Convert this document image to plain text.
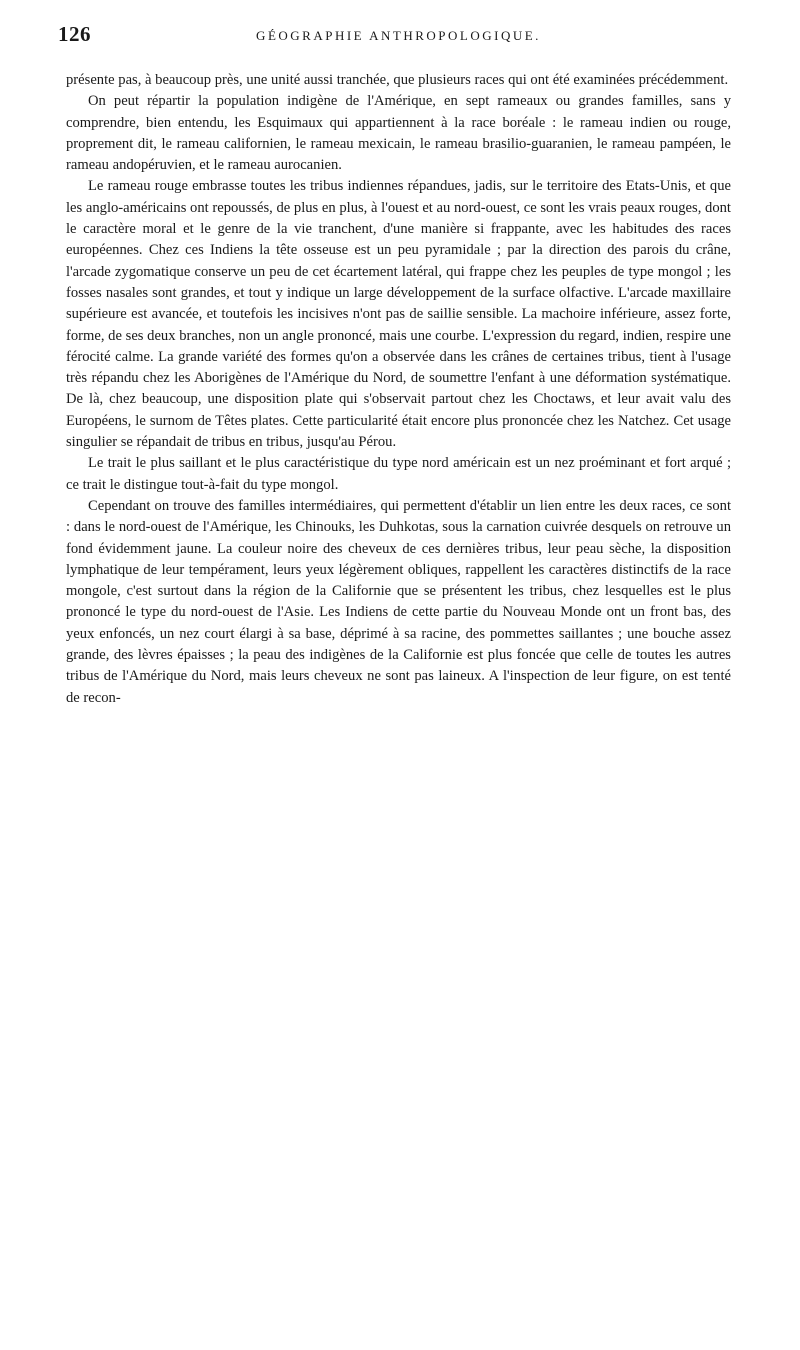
126	GÉOGRAPHIE ANTHROPOLOGIQUE.

présente pas, à beaucoup près, une unité aussi tranchée, que plusieurs races qui ont été examinées précédemment.

On peut répartir la population indigène de l'Amérique, en sept rameaux ou grandes familles, sans y comprendre, bien entendu, les Esquimaux qui appartiennent à la race boréale : le rameau indien ou rouge, proprement dit, le rameau californien, le rameau mexicain, le rameau brasilio-guaranien, le rameau pampéen, le rameau andopéruvien, et le rameau aurocanien.

Le rameau rouge embrasse toutes les tribus indiennes répandues, jadis, sur le territoire des Etats-Unis, et que les anglo-américains ont repoussés, de plus en plus, à l'ouest et au nord-ouest, ce sont les vrais peaux rouges, dont le caractère moral et le genre de la vie tranchent, d'une manière si frappante, avec les habitudes des races européennes. Chez ces Indiens la tête osseuse est un peu pyramidale ; par la direction des parois du crâne, l'arcade zygomatique conserve un peu de cet écartement latéral, qui frappe chez les peuples de type mongol ; les fosses nasales sont grandes, et tout y indique un large développement de la surface olfactive. L'arcade maxillaire supérieure est avancée, et toutefois les incisives n'ont pas de saillie sensible. La machoire inférieure, assez forte, forme, de ses deux branches, non un angle prononcé, mais une courbe. L'expression du regard, indien, respire une férocité calme. La grande variété des formes qu'on a observée dans les crânes de certaines tribus, tient à l'usage très répandu chez les Aborigènes de l'Amérique du Nord, de soumettre l'enfant à une déformation systématique. De là, chez beaucoup, une disposition plate qui s'observait partout chez les Choctaws, et leur avait valu des Européens, le surnom de Têtes plates. Cette particularité était encore plus prononcée chez les Natchez. Cet usage singulier se répandait de tribus en tribus, jusqu'au Pérou.

Le trait le plus saillant et le plus caractéristique du type nord américain est un nez proéminant et fort arqué ; ce trait le distingue tout-à-fait du type mongol.

Cependant on trouve des familles intermédiaires, qui permettent d'établir un lien entre les deux races, ce sont : dans le nord-ouest de l'Amérique, les Chinouks, les Duhkotas, sous la carnation cuivrée desquels on retrouve un fond évidemment jaune. La couleur noire des cheveux de ces dernières tribus, leur peau sèche, la disposition lymphatique de leur tempérament, leurs yeux légèrement obliques, rappellent les caractères distinctifs de la race mongole, c'est surtout dans la région de la Californie que se présentent les tribus, chez lesquelles est le plus prononcé le type du nord-ouest de l'Asie. Les Indiens de cette partie du Nouveau Monde ont un front bas, des yeux enfoncés, un nez court élargi à sa base, déprimé à sa racine, des pommettes saillantes ; une bouche assez grande, des lèvres épaisses ; la peau des indigènes de la Californie est plus foncée que celle de toutes les autres tribus de l'Amérique du Nord, mais leurs cheveux ne sont pas laineux. A l'inspection de leur figure, on est tenté de recon-
